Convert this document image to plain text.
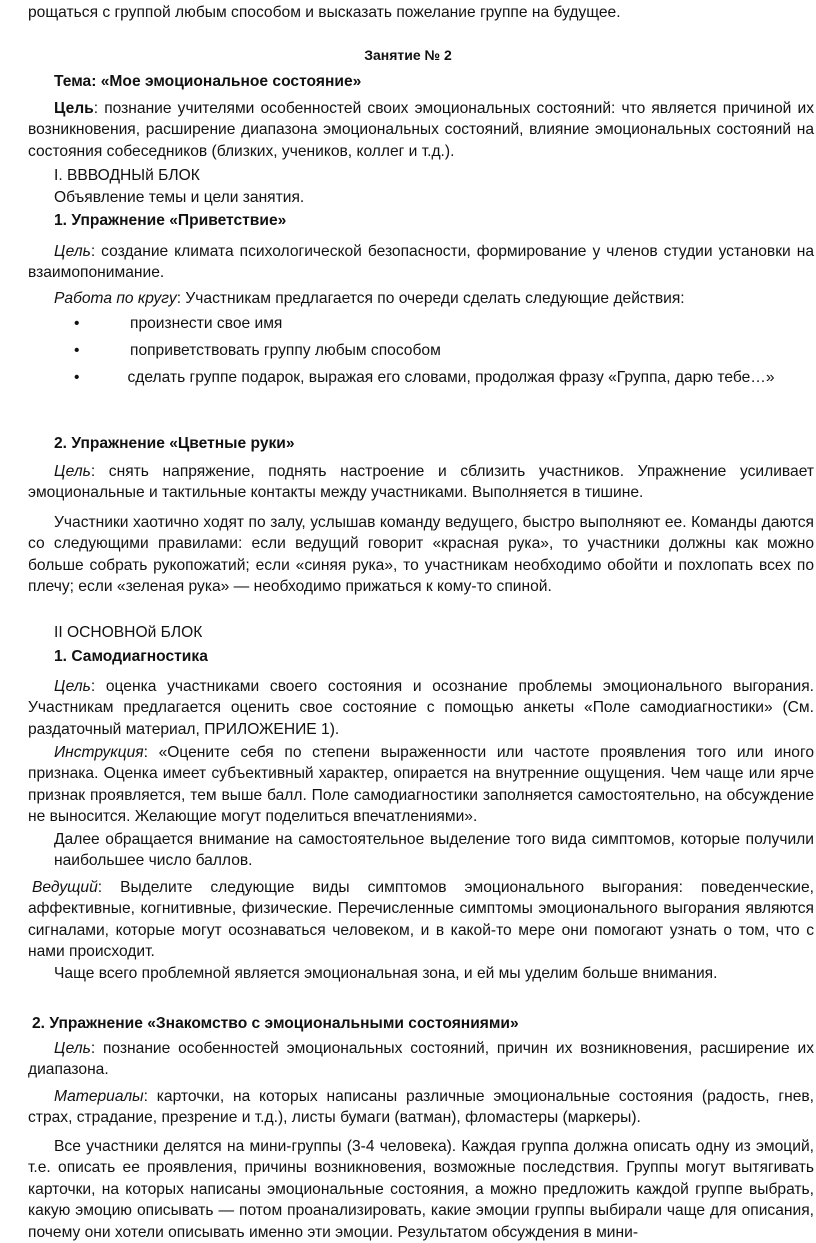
рощаться с группой любым способом и высказать пожелание группе на будущее.

Занятие № 2

Тема: «Мое эмоциональное состояние»

Цель: познание учителями особенностей своих эмоциональных состояний: что является причиной их возникновения, расширение диапазона эмоциональных состояний, влияние эмоциональных состояний на состояния собеседников (близких, учеников, коллег и т.д.).

I. ВВВОДНЫй БЛОК

Объявление темы и цели занятия.

1. Упражнение «Приветствие»

Цель: создание климата психологической безопасности, формирование у членов студии установки на взаимопонимание.

Работа по кругу: Участникам предлагается по очереди сделать следующие действия:

•	произнести свое имя

•	поприветствовать группу любым способом

•	сделать группе подарок, выражая его словами, продолжая фразу «Группа, дарю тебе…»

2. Упражнение «Цветные руки»

Цель: снять напряжение, поднять настроение и сблизить участников. Упражнение усиливает эмоциональные и тактильные контакты между участниками. Выполняется в тишине.

Участники хаотично ходят по залу, услышав команду ведущего, быстро выполняют ее. Команды даются со следующими правилами: если ведущий говорит «красная рука», то участники должны как можно больше собрать рукопожатий; если «синяя рука», то участникам необходимо обойти и похлопать всех по плечу; если «зеленая рука» — необходимо прижаться к кому-то спиной.

II ОСНОВНОй БЛОК

1. Самодиагностика

Цель: оценка участниками своего состояния и осознание проблемы эмоционального выгорания. Участникам предлагается оценить свое состояние с помощью анкеты «Поле самодиагностики» (См. раздаточный материал, ПРИЛОЖЕНИЕ 1).

Инструкция: «Оцените себя по степени выраженности или частоте проявления того или иного признака. Оценка имеет субъективный характер, опирается на внутренние ощущения. Чем чаще или ярче признак проявляется, тем выше балл. Поле самодиагностики заполняется самостоятельно, на обсуждение не выносится. Желающие могут поделиться впечатлениями».

Далее обращается внимание на самостоятельное выделение того вида симптомов, которые получили наибольшее число баллов.

Ведущий: Выделите следующие виды симптомов эмоционального выгорания: поведенческие, аффективные, когнитивные, физические. Перечисленные симптомы эмоционального выгорания являются сигналами, которые могут осознаваться человеком, и в какой-то мере они помогают узнать о том, что с нами происходит.

Чаще всего проблемной является эмоциональная зона, и ей мы уделим больше внимания.

2. Упражнение «Знакомство с эмоциональными состояниями»

Цель: познание особенностей эмоциональных состояний, причин их возникновения, расширение их диапазона.

Материалы: карточки, на которых написаны различные эмоциональные состояния (радость, гнев, страх, страдание, презрение и т.д.), листы бумаги (ватман), фломастеры (маркеры).

Все участники делятся на мини-группы (3-4 человека). Каждая группа должна описать одну из эмоций, т.е. описать ее проявления, причины возникновения, возможные последствия. Группы могут вытягивать карточки, на которых написаны эмоциональные состояния, а можно предложить каждой группе выбрать, какую эмоцию описывать — потом проанализировать, какие эмоции группы выбирали чаще для описания, почему они хотели описывать именно эти эмоции. Результатом обсуждения в мини-
